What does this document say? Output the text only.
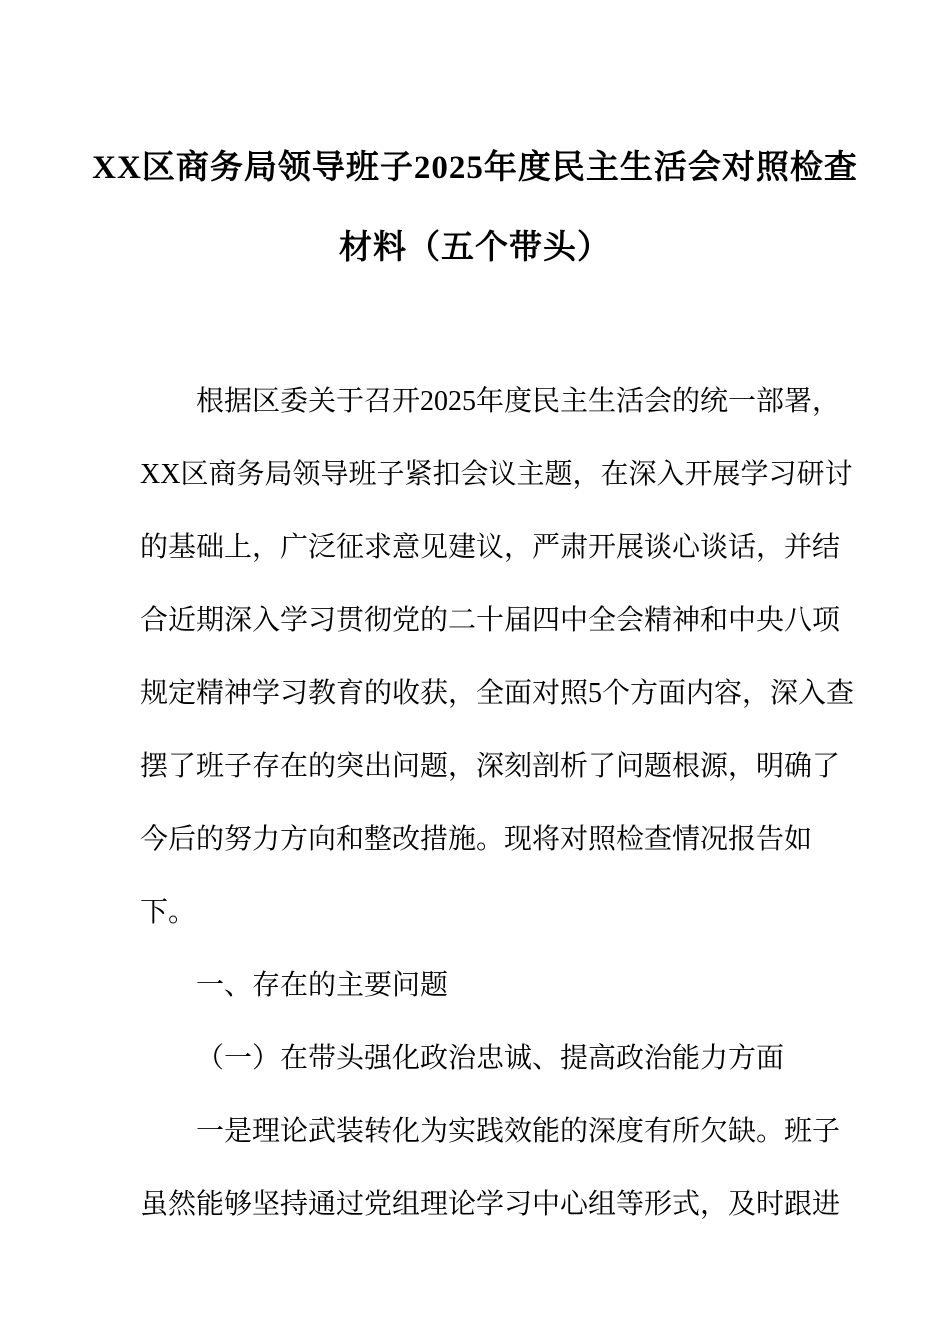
XX区商务局领导班子2025年度民主生活会对照检查
材料（五个带头）
根据区委关于召开2025年度民主生活会的统一部署，
XX区商务局领导班子紧扣会议主题，在深入开展学习研讨
的基础上，广泛征求意见建议，严肃开展谈心谈话，并结
合近期深入学习贯彻党的二十届四中全会精神和中央八项
规定精神学习教育的收获，全面对照5个方面内容，深入查
摆了班子存在的突出问题，深刻剖析了问题根源，明确了
今后的努力方向和整改措施。现将对照检查情况报告如
下。
一、存在的主要问题
（一）在带头强化政治忠诚、提高政治能力方面
一是理论武装转化为实践效能的深度有所欠缺。班子
虽然能够坚持通过党组理论学习中心组等形式，及时跟进
